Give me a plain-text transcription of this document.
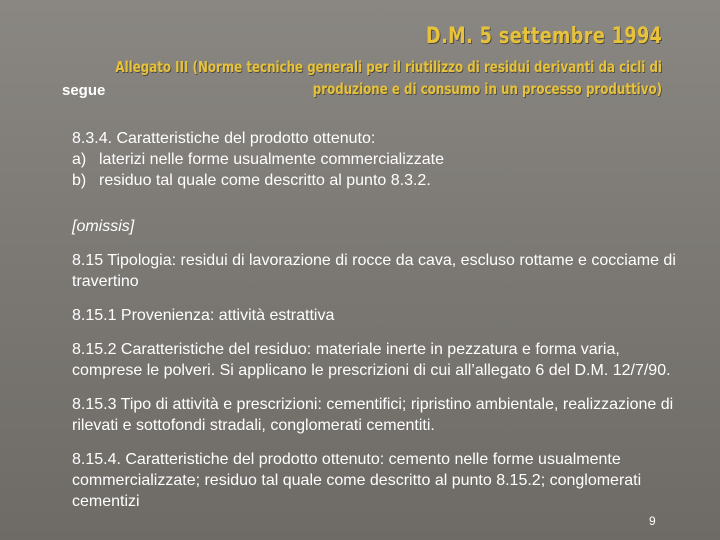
D.M. 5 settembre 1994
Allegato III (Norme tecniche generali per il riutilizzo di residui derivanti da cicli di produzione e di consumo in un processo produttivo)
segue
8.3.4. Caratteristiche del prodotto ottenuto:
a) laterizi nelle forme usualmente commercializzate
b) residuo tal quale come descritto al punto 8.3.2.

[omissis]

8.15 Tipologia: residui di lavorazione di rocce da cava, escluso rottame e cocciame di travertino

8.15.1 Provenienza: attività estrattiva

8.15.2 Caratteristiche del residuo: materiale inerte in pezzatura e forma varia, comprese le polveri. Si applicano le prescrizioni di cui all’allegato 6 del D.M. 12/7/90.

8.15.3 Tipo di attività e prescrizioni: cementifici; ripristino ambientale, realizzazione di rilevati e sottofondi stradali, conglomerati cementiti.

8.15.4. Caratteristiche del prodotto ottenuto: cemento nelle forme usualmente commercializzate; residuo tal quale come descritto al punto 8.15.2; conglomerati cementizi

9
